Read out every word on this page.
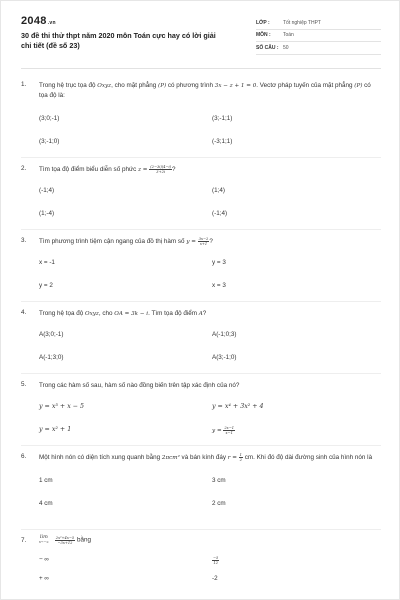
2048.vn
30 đề thi thử thpt năm 2020 môn Toán cực hay có lời giải chi tiết (đề số 23)
LỚP :	Tốt nghiệp THPT
MÔN :	Toán
SỐ CÂU : 50
1.	Trong hệ trục tọa độ Oxyz, cho mặt phẳng (P) có phương trình 3x − z + 1 = 0. Vectơ pháp tuyến của mặt phẳng (P) có tọa độ là:
(3;0;-1)	(3;-1;1)
(3;-1;0)	(-3;1;1)
2.	Tìm tọa độ điểm biểu diễn số phức $z = \frac{(2-3i)(4-i)}{3+2i}$ ?
(-1;4)	(1;4)
(1;-4)	(-1;4)
3.	Tìm phương trình tiệm cận ngang của đồ thị hàm số $y = \frac{3x-2}{x+1}$ ?
x = -1	y = 3
y = 2	x = 3
4.	Trong hệ tọa độ Oxyz, cho OA = 3k − i. Tìm tọa độ điểm A?
A(3;0;-1)	A(-1;0;3)
A(-1;3;0)	A(3;-1;0)
5.	Trong các hàm số sau, hàm số nào đồng biến trên tập xác định của nó?
y = x³ + x − 5	y = x⁴ + 3x² + 4
y = x² + 1	$y = \frac{2x-1}{x-1}$
6.	Một hình nón có diện tích xung quanh bằng 2πcm² và bán kính đáy $r = \frac{1}{2}$ cm. Khi đó độ dài đường sinh của hình nón là
1 cm	3 cm
4 cm	2 cm
7.	lim
$x\to-\infty \frac{\text{2x²+4x−5}}{-3x+12}$ bằng
− ∞	$\frac{-5}{12}$
+ ∞	-2
